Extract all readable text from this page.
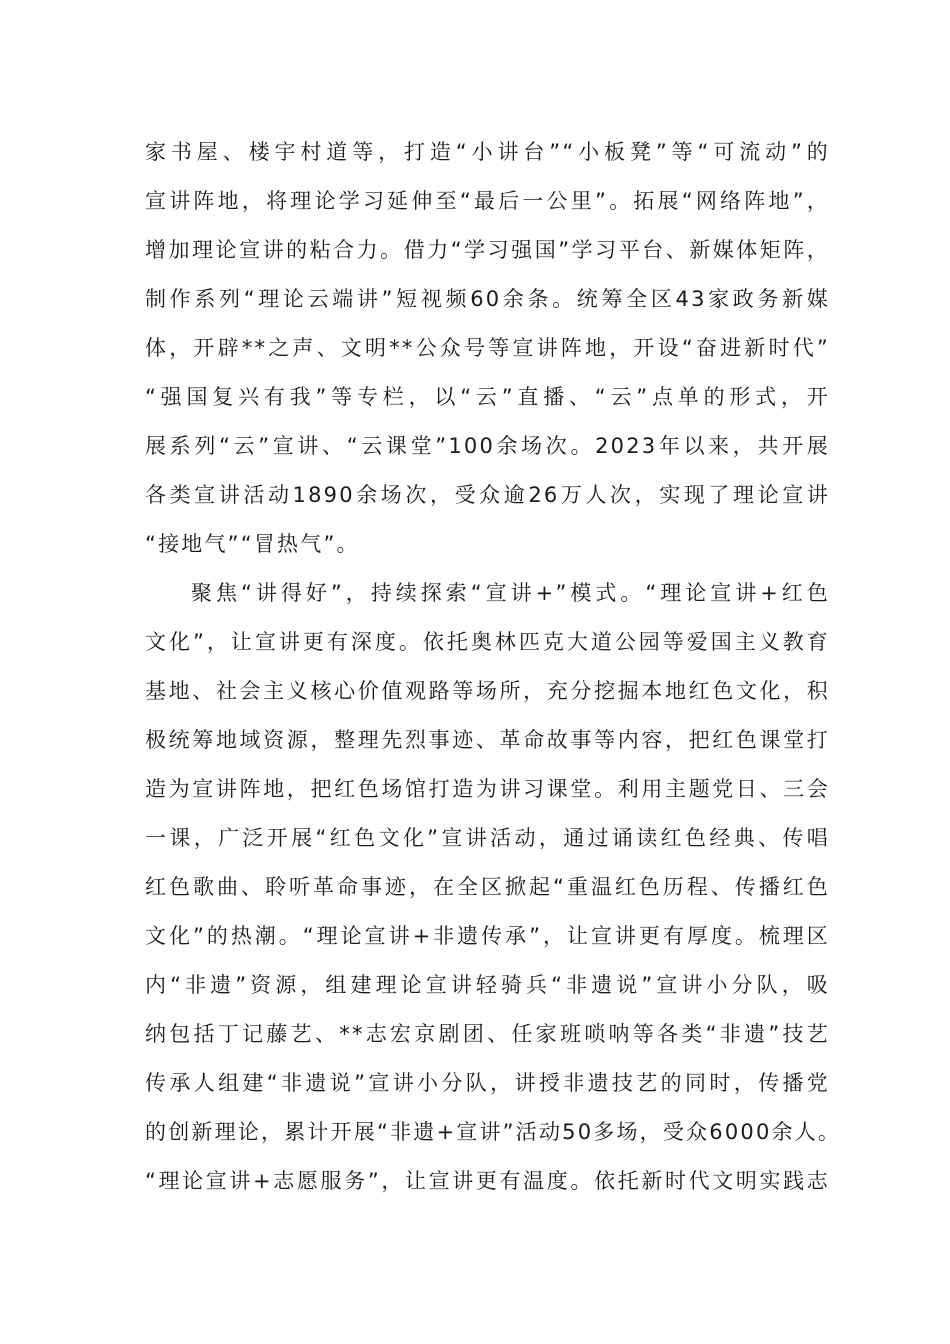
家书屋、楼宇村道等，打造“小讲台”“小板凳”等“可流动”的
宣讲阵地，将理论学习延伸至“最后一公里”。拓展“网络阵地”，
增加理论宣讲的粘合力。借力“学习强国”学习平台、新媒体矩阵，
制作系列“理论云端讲”短视频60余条。统筹全区43家政务新媒
体，开辟**之声、文明**公众号等宣讲阵地，开设“奋进新时代”
“强国复兴有我”等专栏，以“云”直播、“云”点单的形式，开
展系列“云”宣讲、“云课堂”100余场次。2023年以来，共开展
各类宣讲活动1890余场次，受众逾26万人次，实现了理论宣讲
“接地气”“冒热气”。
聚焦“讲得好”，持续探索“宣讲+”模式。“理论宣讲+红色
文化”，让宣讲更有深度。依托奥林匹克大道公园等爱国主义教育
基地、社会主义核心价值观路等场所，充分挖掘本地红色文化，积
极统筹地域资源，整理先烈事迹、革命故事等内容，把红色课堂打
造为宣讲阵地，把红色场馆打造为讲习课堂。利用主题党日、三会
一课，广泛开展“红色文化”宣讲活动，通过诵读红色经典、传唱
红色歌曲、聆听革命事迹，在全区掀起“重温红色历程、传播红色
文化”的热潮。“理论宣讲+非遗传承”，让宣讲更有厚度。梳理区
内“非遗”资源，组建理论宣讲轻骑兵“非遗说”宣讲小分队，吸
纳包括丁记藤艺、**志宏京剧团、任家班唢呐等各类“非遗”技艺
传承人组建“非遗说”宣讲小分队，讲授非遗技艺的同时，传播党
的创新理论，累计开展“非遗+宣讲”活动50多场，受众6000余人。
“理论宣讲+志愿服务”，让宣讲更有温度。依托新时代文明实践志
